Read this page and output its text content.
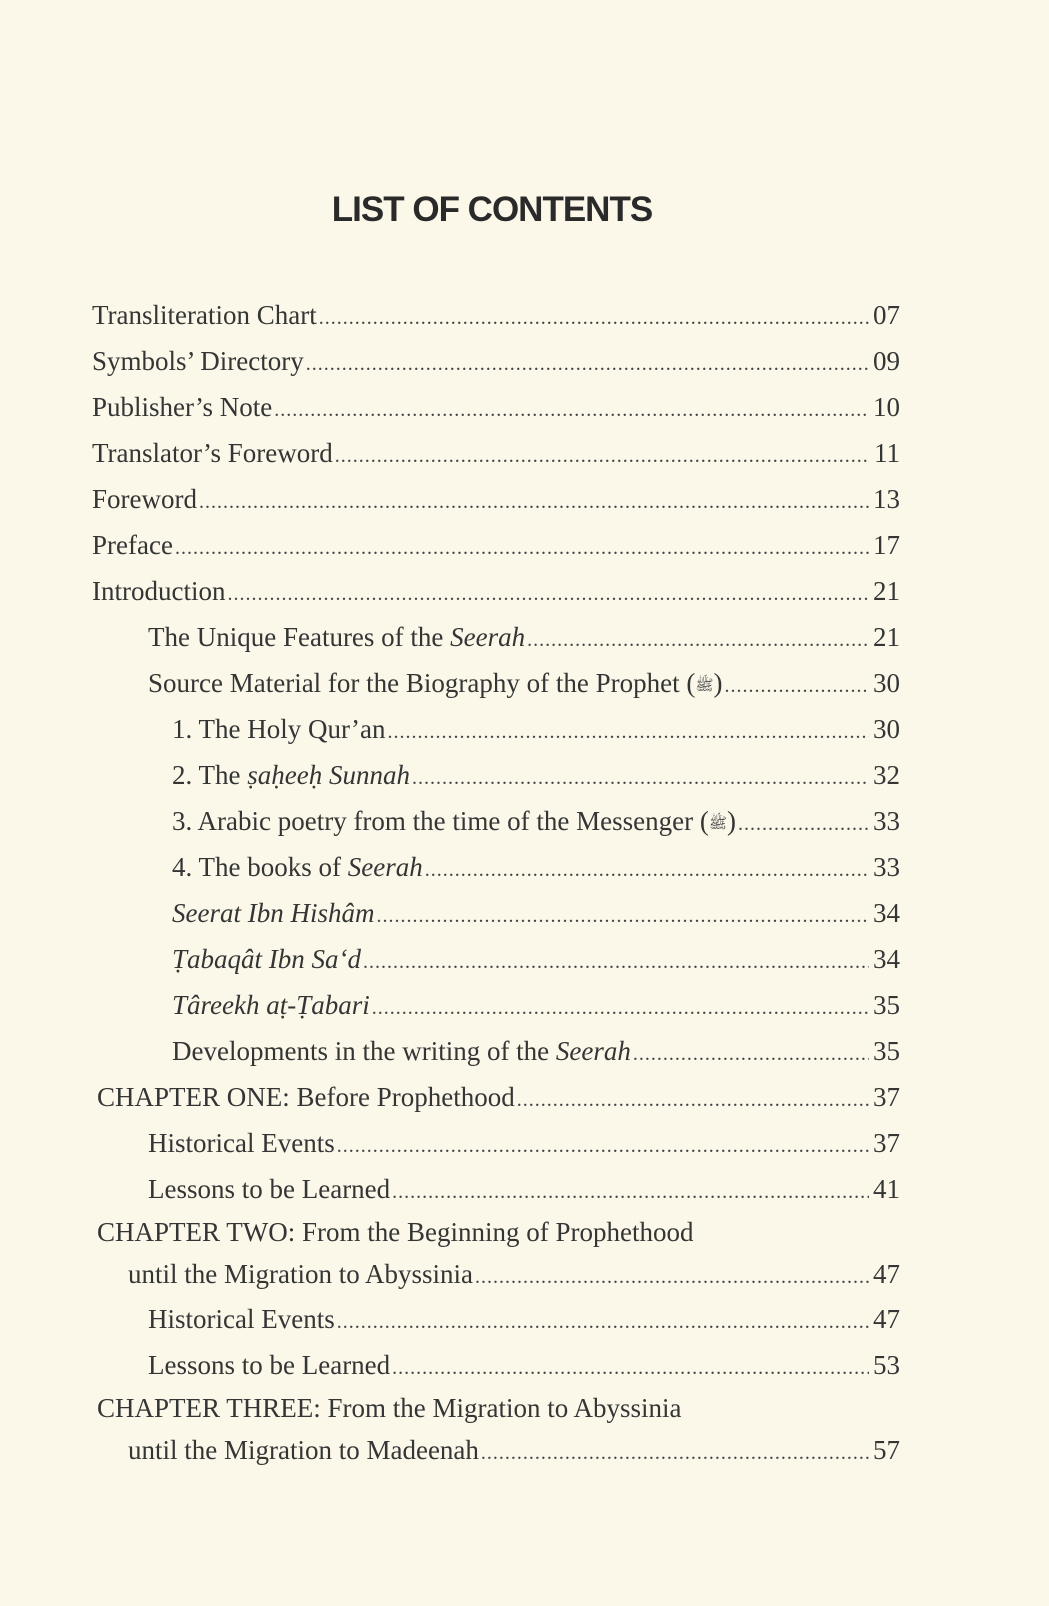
LIST OF CONTENTS
Transliteration Chart .....	07
Symbols’ Directory .....	09
Publisher’s Note .....	10
Translator’s Foreword .....	11
Foreword .....	13
Preface .....	17
Introduction .....	21
The Unique Features of the Seerah .....	21
Source Material for the Biography of the Prophet (ﷺ) .....	30
1. The Holy Qur’an .....	30
2. The ṣaḥeeḥ Sunnah .....	32
3. Arabic poetry from the time of the Messenger (ﷺ) .....	33
4. The books of Seerah .....	33
Seerat Ibn Hishâm .....	34
Ṭabaqât Ibn Sa‘d .....	34
Târeekh aṭ-Ṭabari .....	35
Developments in the writing of the Seerah .....	35
CHAPTER ONE: Before Prophethood .....	37
Historical Events .....	37
Lessons to be Learned .....	41
CHAPTER TWO: From the Beginning of Prophethood
until the Migration to Abyssinia .....	47
Historical Events .....	47
Lessons to be Learned .....	53
CHAPTER THREE: From the Migration to Abyssinia
until the Migration to Madeenah .....	57
